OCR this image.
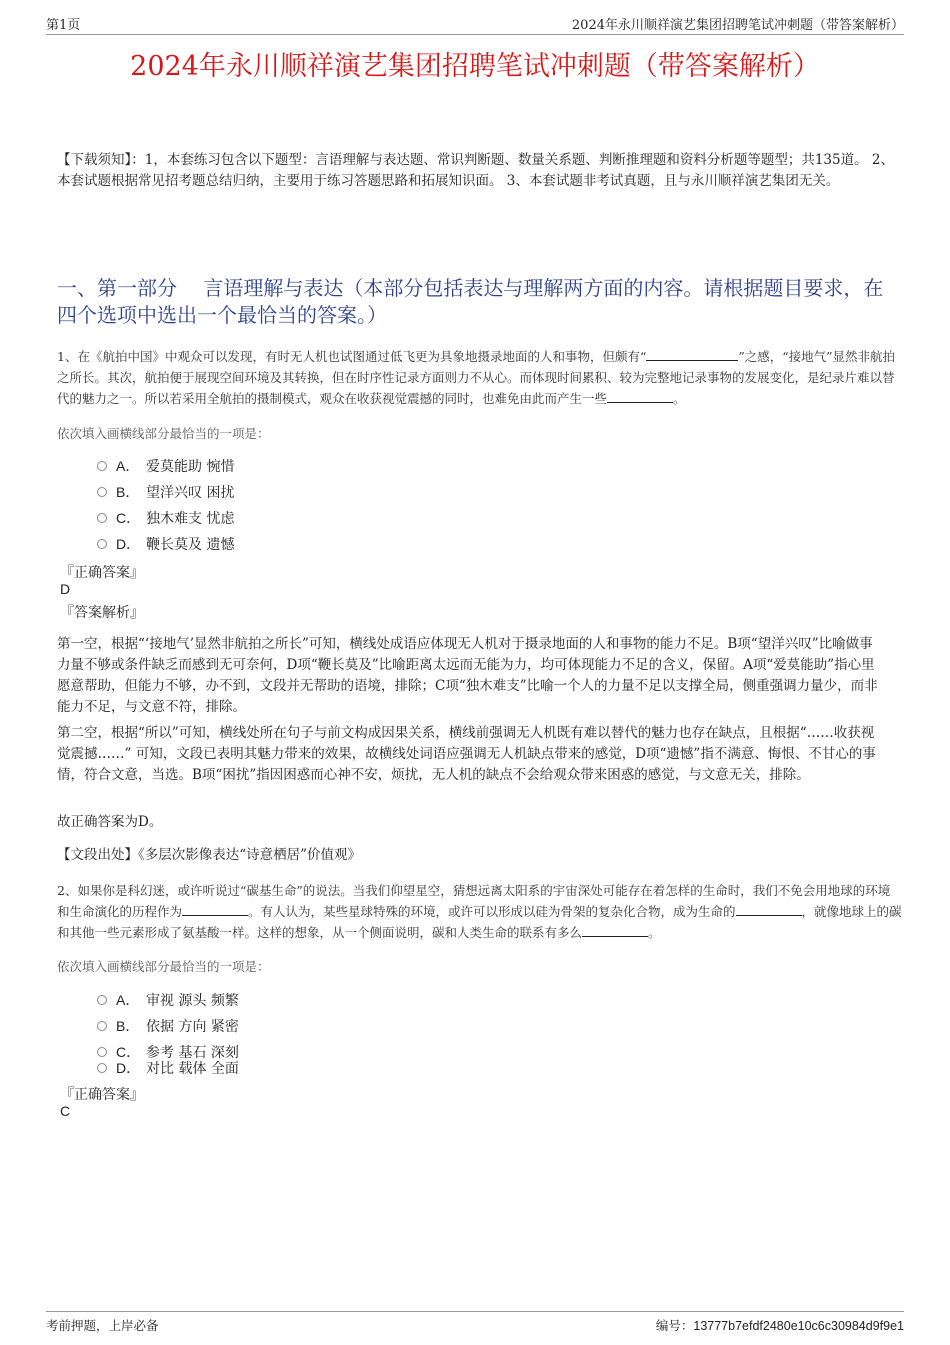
第1页	2024年永川顺祥演艺集团招聘笔试冲刺题（带答案解析）
2024年永川顺祥演艺集团招聘笔试冲刺题（带答案解析）
【下载须知】：1，本套练习包含以下题型：言语理解与表达题、常识判断题、数量关系题、判断推理题和资料分析题等题型；共135道。 2、本套试题根据常见招考题总结归纳，主要用于练习答题思路和拓展知识面。 3、本套试题非考试真题，且与永川顺祥演艺集团无关。
一、第一部分　 言语理解与表达（本部分包括表达与理解两方面的内容。请根据题目要求，在四个选项中选出一个最恰当的答案。）
1、在《航拍中国》中观众可以发现，有时无人机也试图通过低飞更为具象地摄录地面的人和事物，但颇有“	”之感，“接地气”显然非航拍之所长。其次，航拍便于展现空间环境及其转换，但在时序性记录方面则力不从心。而体现时间累积、较为完整地记录事物的发展变化，是纪录片难以替代的魅力之一。所以若采用全航拍的摄制模式，观众在收获视觉震撼的同时，也难免由此而产生一些	。
依次填入画横线部分最恰当的一项是：
A． 爱莫能助 惋惜
B． 望洋兴叹 困扰
C． 独木难支 忧虑
D． 鞭长莫及 遗憾
『正确答案』
D
『答案解析』
第一空，根据“‘接地气’显然非航拍之所长”可知，横线处成语应体现无人机对于摄录地面的人和事物的能力不足。B项“望洋兴叹”比喻做事力量不够或条件缺乏而感到无可奈何，D项“鞭长莫及”比喻距离太远而无能为力，均可体现能力不足的含义，保留。A项“爱莫能助”指心里愿意帮助，但能力不够，办不到，文段并无帮助的语境，排除；C项“独木难支”比喻一个人的力量不足以支撑全局，侧重强调力量少，而非能力不足，与文意不符，排除。
第二空，根据“所以”可知，横线处所在句子与前文构成因果关系，横线前强调无人机既有难以替代的魅力也存在缺点，且根据“……收获视觉震撼……” 可知，文段已表明其魅力带来的效果，故横线处词语应强调无人机缺点带来的感觉，D项“遗憾”指不满意、悔恨、不甘心的事情，符合文意，当选。B项“困扰”指因困惑而心神不安，烦扰，无人机的缺点不会给观众带来困惑的感觉，与文意无关，排除。
故正确答案为D。
【文段出处】《多层次影像表达“诗意栖居”价值观》
2、如果你是科幻迷，或许听说过“碳基生命”的说法。当我们仰望星空，猜想远离太阳系的宇宙深处可能存在着怎样的生命时，我们不免会用地球的环境和生命演化的历程作为	。有人认为，某些星球特殊的环境，或许可以形成以硅为骨架的复杂化合物，成为生命的	，就像地球上的碳和其他一些元素形成了氨基酸一样。这样的想象，从一个侧面说明，碳和人类生命的联系有多么	。
依次填入画横线部分最恰当的一项是：
A． 审视 源头 频繁
B． 依据 方向 紧密
C． 参考 基石 深刻
D． 对比 载体 全面
『正确答案』
C
考前押题，上岸必备	编号：13777b7efdf2480e10c6c30984d9f9e1
